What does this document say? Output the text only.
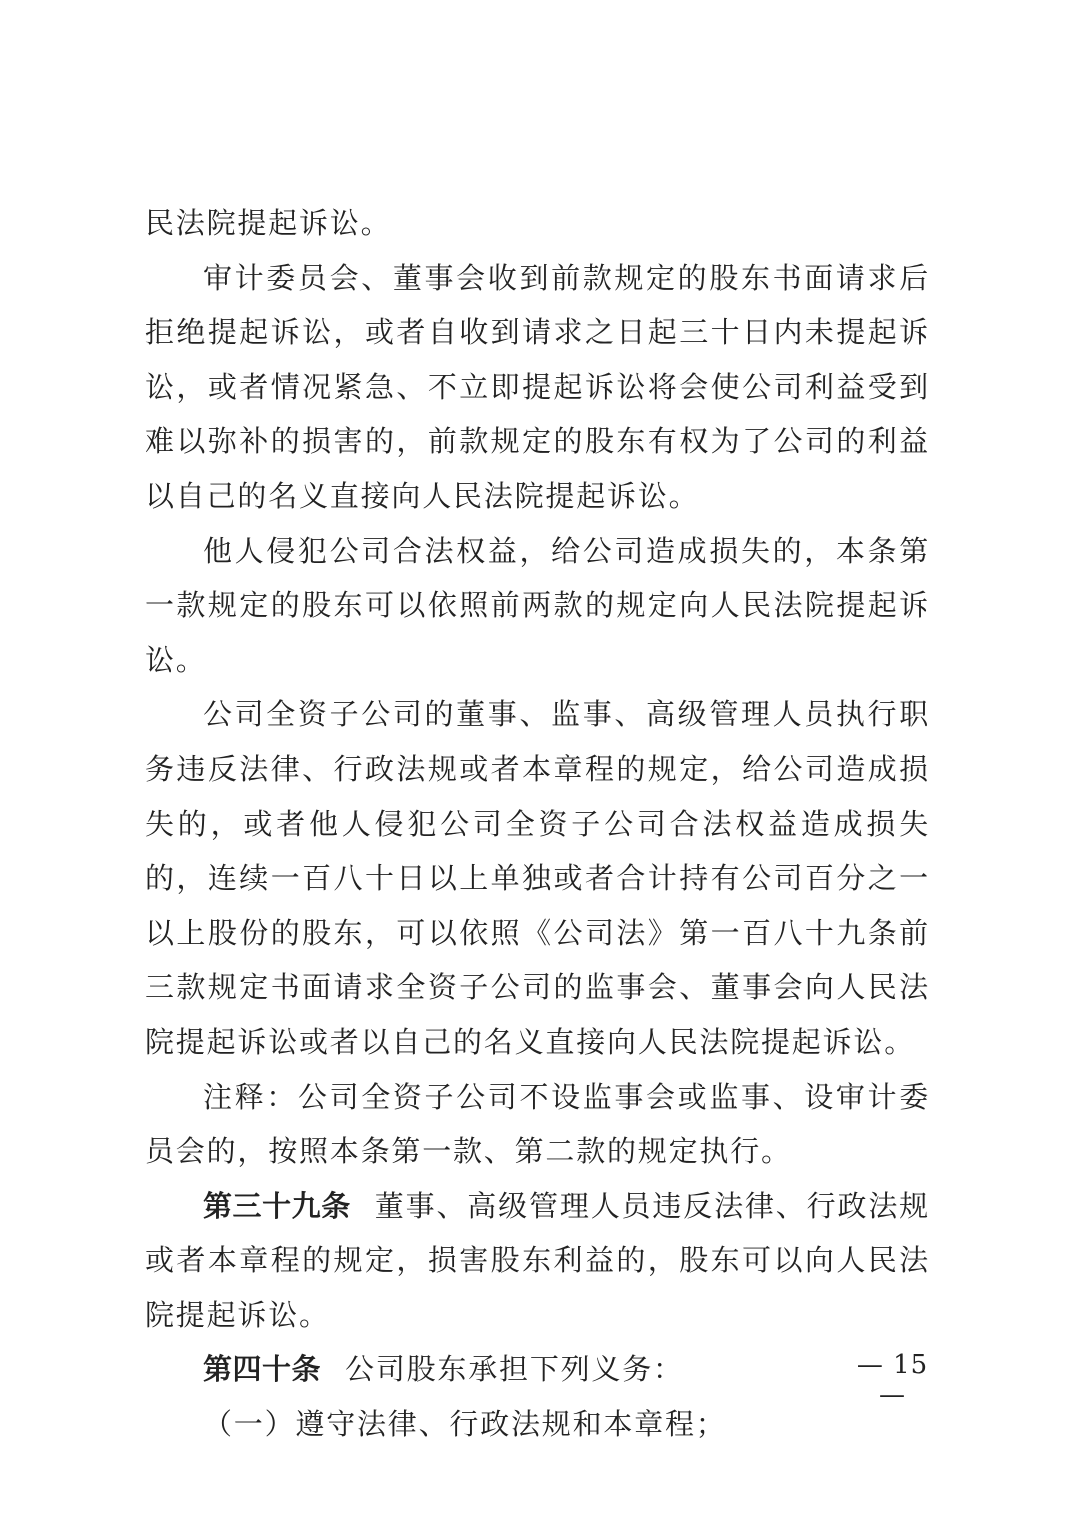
民法院提起诉讼。

审计委员会、董事会收到前款规定的股东书面请求后拒绝提起诉讼，或者自收到请求之日起三十日内未提起诉讼，或者情况紧急、不立即提起诉讼将会使公司利益受到难以弥补的损害的，前款规定的股东有权为了公司的利益以自己的名义直接向人民法院提起诉讼。

他人侵犯公司合法权益，给公司造成损失的，本条第一款规定的股东可以依照前两款的规定向人民法院提起诉讼。

公司全资子公司的董事、监事、高级管理人员执行职务违反法律、行政法规或者本章程的规定，给公司造成损失的，或者他人侵犯公司全资子公司合法权益造成损失的，连续一百八十日以上单独或者合计持有公司百分之一以上股份的股东，可以依照《公司法》第一百八十九条前三款规定书面请求全资子公司的监事会、董事会向人民法院提起诉讼或者以自己的名义直接向人民法院提起诉讼。

注释：公司全资子公司不设监事会或监事、设审计委员会的，按照本条第一款、第二款的规定执行。

第三十九条 董事、高级管理人员违反法律、行政法规或者本章程的规定，损害股东利益的，股东可以向人民法院提起诉讼。

第四十条 公司股东承担下列义务：

（一）遵守法律、行政法规和本章程；

— 15 —
